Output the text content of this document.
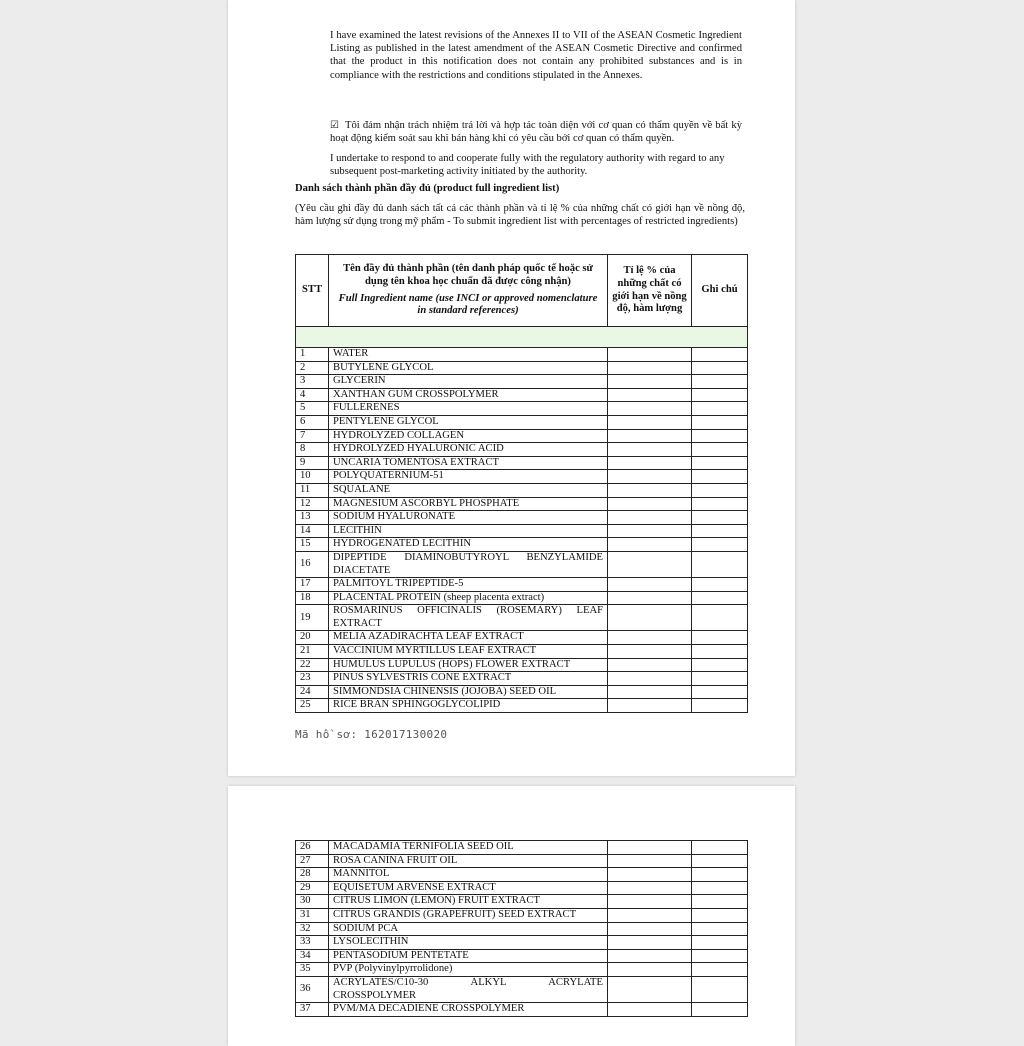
I have examined the latest revisions of the Annexes II to VII of the ASEAN Cosmetic Ingredient Listing as published in the latest amendment of the ASEAN Cosmetic Directive and confirmed that the product in this notification does not contain any prohibited substances and is in compliance with the restrictions and conditions stipulated in the Annexes.
☑ Tôi đảm nhận trách nhiệm trả lời và hợp tác toàn diện với cơ quan có thẩm quyền về bất kỳ hoạt động kiểm soát sau khi bán hàng khi có yêu cầu bởi cơ quan có thẩm quyền.
I undertake to respond to and cooperate fully with the regulatory authority with regard to any subsequent post-marketing activity initiated by the authority.
Danh sách thành phần đầy đủ (product full ingredient list)
(Yêu cầu ghi đầy đủ danh sách tất cả các thành phần và tỉ lệ % của những chất có giới hạn về nồng độ, hàm lượng sử dụng trong mỹ phẩm - To submit ingredient list with percentages of restricted ingredients)
STT	Tên đầy đủ thành phần (tên danh pháp quốc tế hoặc sử dụng tên khoa học chuẩn đã được công nhận)
Full Ingredient name (use INCI or approved nomenclature in standard references)	Tỉ lệ % của những chất có giới hạn về nồng độ, hàm lượng	Ghi chú

1	WATER		
2	BUTYLENE GLYCOL		
3	GLYCERIN		
4	XANTHAN GUM CROSSPOLYMER		
5	FULLERENES		
6	PENTYLENE GLYCOL		
7	HYDROLYZED COLLAGEN		
8	HYDROLYZED HYALURONIC ACID		
9	UNCARIA TOMENTOSA EXTRACT		
10	POLYQUATERNIUM-51		
11	SQUALANE		
12	MAGNESIUM ASCORBYL PHOSPHATE		
13	SODIUM HYALURONATE		
14	LECITHIN		
15	HYDROGENATED LECITHIN		
16	DIPEPTIDE DIAMINOBUTYROYL BENZYLAMIDE DIACETATE		
17	PALMITOYL TRIPEPTIDE-5		
18	PLACENTAL PROTEIN (sheep placenta extract)		
19	ROSMARINUS OFFICINALIS (ROSEMARY) LEAF EXTRACT		
20	MELIA AZADIRACHTA LEAF EXTRACT		
21	VACCINIUM MYRTILLUS LEAF EXTRACT		
22	HUMULUS LUPULUS (HOPS) FLOWER EXTRACT		
23	PINUS SYLVESTRIS CONE EXTRACT		
24	SIMMONDSIA CHINENSIS (JOJOBA) SEED OIL		
25	RICE BRAN SPHINGOGLYCOLIPID		
Mã hồ sơ: 162017130020
26	MACADAMIA TERNIFOLIA SEED OIL		
27	ROSA CANINA FRUIT OIL		
28	MANNITOL		
29	EQUISETUM ARVENSE EXTRACT		
30	CITRUS LIMON (LEMON) FRUIT EXTRACT		
31	CITRUS GRANDIS (GRAPEFRUIT) SEED EXTRACT		
32	SODIUM PCA		
33	LYSOLECITHIN		
34	PENTASODIUM PENTETATE		
35	PVP (Polyvinylpyrrolidone)		
36	ACRYLATES/C10-30 ALKYL ACRYLATE CROSSPOLYMER		
37	PVM/MA DECADIENE CROSSPOLYMER		
